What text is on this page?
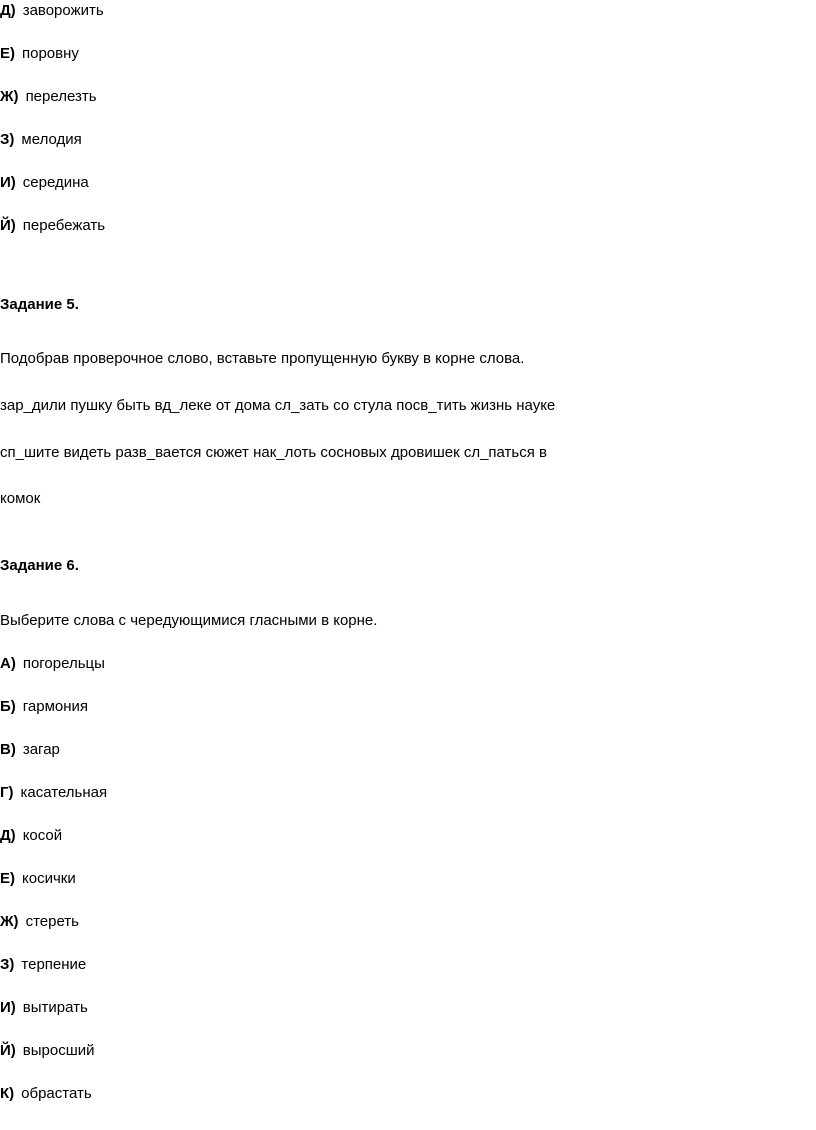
Д) заворожить
Е) поровну
Ж) перелезть
З) мелодия
И) середина
Й) перебежать
Задание 5.
Подобрав проверочное слово, вставьте пропущенную букву в корне слова.
зар_дили пушку быть вд_леке от дома сл_зать со стула посв_тить жизнь науке
сп_шите видеть разв_вается сюжет нак_лоть сосновых дровишек сл_паться в
комок
Задание 6.
Выберите слова с чередующимися гласными в корне.
А) погорельцы
Б) гармония
В) загар
Г) касательная
Д) косой
Е) косички
Ж) стереть
З) терпение
И) вытирать
Й) выросший
К) обрастать
